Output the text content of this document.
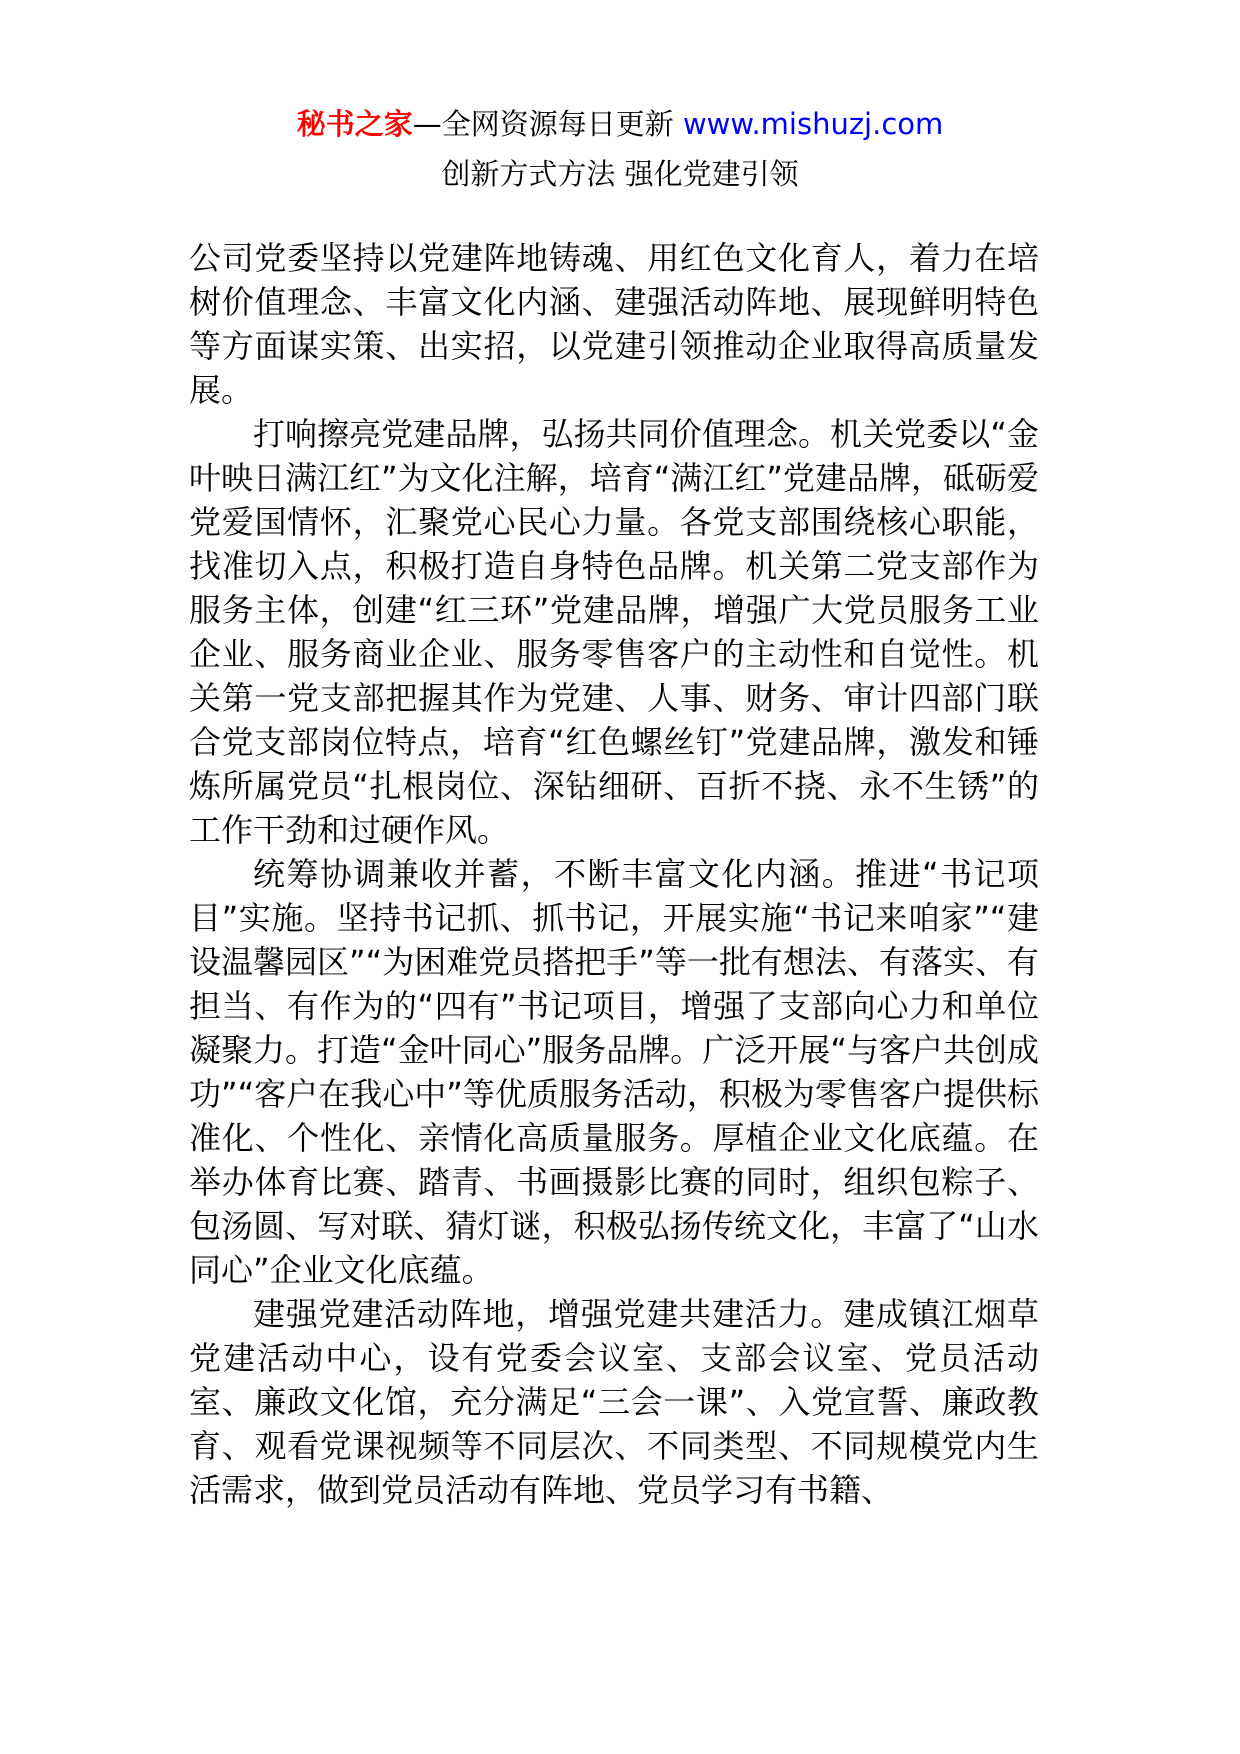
秘书之家—全网资源每日更新 www.mishuzj.com
创新方式方法 强化党建引领

公司党委坚持以党建阵地铸魂、用红色文化育人，着力在培树价值理念、丰富文化内涵、建强活动阵地、展现鲜明特色等方面谋实策、出实招，以党建引领推动企业取得高质量发展。

打响擦亮党建品牌，弘扬共同价值理念。机关党委以“金叶映日满江红”为文化注解，培育“满江红”党建品牌，砥砺爱党爱国情怀，汇聚党心民心力量。各党支部围绕核心职能，找准切入点，积极打造自身特色品牌。机关第二党支部作为服务主体，创建“红三环”党建品牌，增强广大党员服务工业企业、服务商业企业、服务零售客户的主动性和自觉性。机关第一党支部把握其作为党建、人事、财务、审计四部门联合党支部岗位特点，培育“红色螺丝钉”党建品牌，激发和锤炼所属党员“扎根岗位、深钻细研、百折不挠、永不生锈”的工作干劲和过硬作风。

统筹协调兼收并蓄，不断丰富文化内涵。推进“书记项目”实施。坚持书记抓、抓书记，开展实施“书记来咱家”“建设温馨园区”“为困难党员搭把手”等一批有想法、有落实、有担当、有作为的“四有”书记项目，增强了支部向心力和单位凝聚力。打造“金叶同心”服务品牌。广泛开展“与客户共创成功”“客户在我心中”等优质服务活动，积极为零售客户提供标准化、个性化、亲情化高质量服务。厚植企业文化底蕴。在举办体育比赛、踏青、书画摄影比赛的同时，组织包粽子、包汤圆、写对联、猜灯谜，积极弘扬传统文化，丰富了“山水同心”企业文化底蕴。

建强党建活动阵地，增强党建共建活力。建成镇江烟草党建活动中心，设有党委会议室、支部会议室、党员活动室、廉政文化馆，充分满足“三会一课”、入党宣誓、廉政教育、观看党课视频等不同层次、不同类型、不同规模党内生活需求，做到党员活动有阵地、党员学习有书籍、
